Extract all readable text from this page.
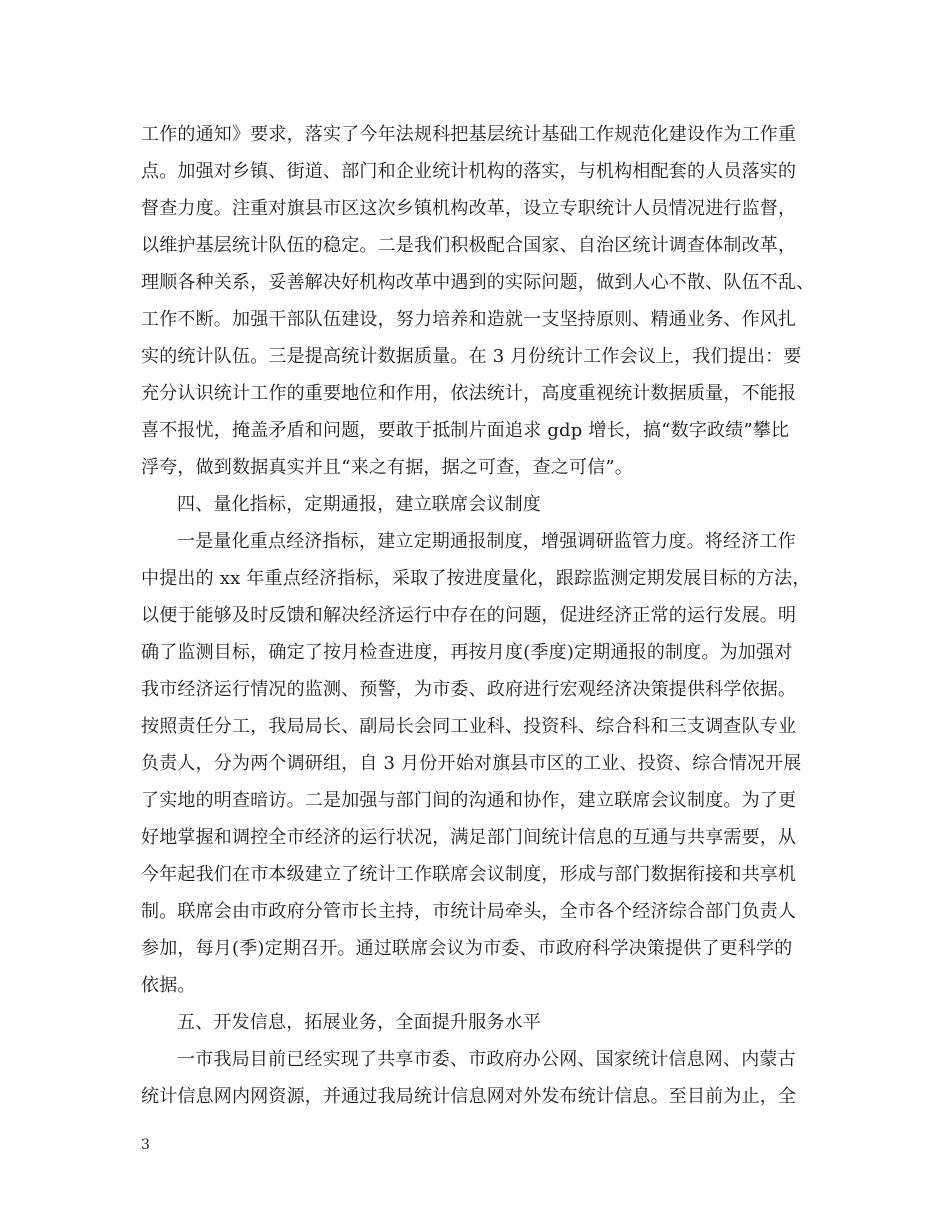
工作的通知》要求，落实了今年法规科把基层统计基础工作规范化建设作为工作重
点。加强对乡镇、街道、部门和企业统计机构的落实，与机构相配套的人员落实的
督查力度。注重对旗县市区这次乡镇机构改革，设立专职统计人员情况进行监督，
以维护基层统计队伍的稳定。二是我们积极配合国家、自治区统计调查体制改革，
理顺各种关系，妥善解决好机构改革中遇到的实际问题，做到人心不散、队伍不乱、
工作不断。加强干部队伍建设，努力培养和造就一支坚持原则、精通业务、作风扎
实的统计队伍。三是提高统计数据质量。在 3 月份统计工作会议上，我们提出：要
充分认识统计工作的重要地位和作用，依法统计，高度重视统计数据质量，不能报
喜不报忧，掩盖矛盾和问题，要敢于抵制片面追求 gdp 增长，搞“数字政绩”攀比
浮夸，做到数据真实并且“来之有据，据之可查，查之可信”。
四、量化指标，定期通报，建立联席会议制度
一是量化重点经济指标，建立定期通报制度，增强调研监管力度。将经济工作
中提出的 xx 年重点经济指标，采取了按进度量化，跟踪监测定期发展目标的方法，
以便于能够及时反馈和解决经济运行中存在的问题，促进经济正常的运行发展。明
确了监测目标，确定了按月检查进度，再按月度(季度)定期通报的制度。为加强对
我市经济运行情况的监测、预警，为市委、政府进行宏观经济决策提供科学依据。
按照责任分工，我局局长、副局长会同工业科、投资科、综合科和三支调查队专业
负责人，分为两个调研组，自 3 月份开始对旗县市区的工业、投资、综合情况开展
了实地的明查暗访。二是加强与部门间的沟通和协作，建立联席会议制度。为了更
好地掌握和调控全市经济的运行状况，满足部门间统计信息的互通与共享需要，从
今年起我们在市本级建立了统计工作联席会议制度，形成与部门数据衔接和共享机
制。联席会由市政府分管市长主持，市统计局牵头，全市各个经济综合部门负责人
参加，每月(季)定期召开。通过联席会议为市委、市政府科学决策提供了更科学的
依据。
五、开发信息，拓展业务，全面提升服务水平
一市我局目前已经实现了共享市委、市政府办公网、国家统计信息网、内蒙古
统计信息网内网资源，并通过我局统计信息网对外发布统计信息。至目前为止，全
3
